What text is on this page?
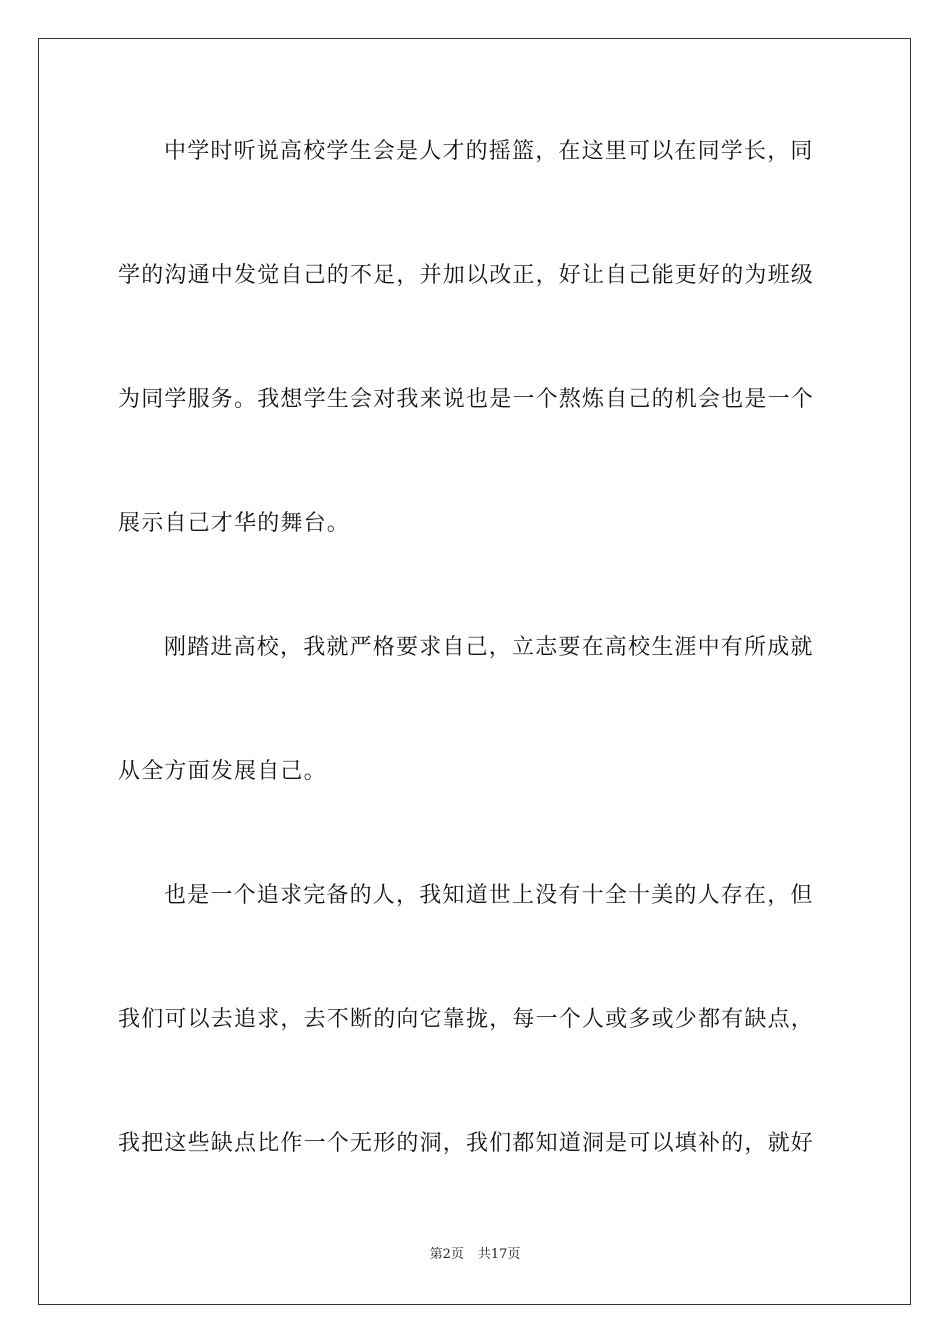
中学时听说高校学生会是人才的摇篮，在这里可以在同学长，同
学的沟通中发觉自己的不足，并加以改正，好让自己能更好的为班级
为同学服务。我想学生会对我来说也是一个熬炼自己的机会也是一个
展示自己才华的舞台。
刚踏进高校，我就严格要求自己，立志要在高校生涯中有所成就
从全方面发展自己。
也是一个追求完备的人，我知道世上没有十全十美的人存在，但
我们可以去追求，去不断的向它靠拢，每一个人或多或少都有缺点，
我把这些缺点比作一个无形的洞，我们都知道洞是可以填补的，就好
第2页 共17页
